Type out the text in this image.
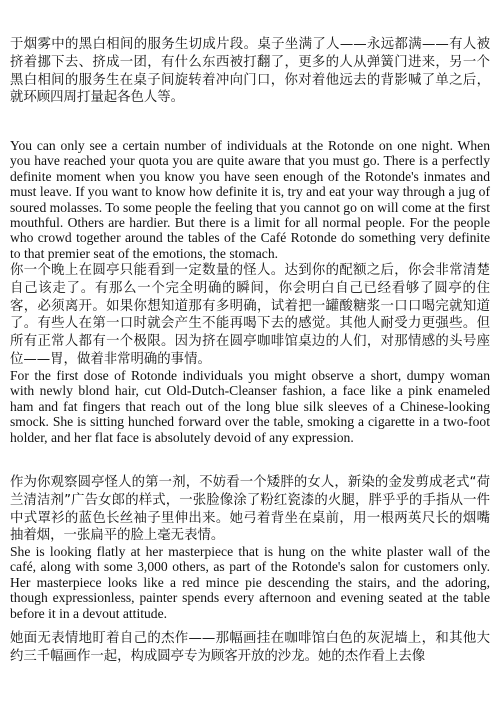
于烟雾中的黑白相间的服务生切成片段。桌子坐满了人——永远都满——有人被挤着挪下去、挤成一团，有什么东西被打翻了，更多的人从弹簧门进来，另一个黑白相间的服务生在桌子间旋转着冲向门口，你对着他远去的背影喊了单之后，就环顾四周打量起各色人等。

You can only see a certain number of individuals at the Rotonde on one night. When you have reached your quota you are quite aware that you must go. There is a perfectly definite moment when you know you have seen enough of the Rotonde's inmates and must leave. If you want to know how definite it is, try and eat your way through a jug of soured molasses. To some people the feeling that you cannot go on will come at the first mouthful. Others are hardier. But there is a limit for all normal people. For the people who crowd together around the tables of the Café Rotonde do something very definite to that premier seat of the emotions, the stomach.

你一个晚上在圆亭只能看到一定数量的怪人。达到你的配额之后，你会非常清楚自己该走了。有那么一个完全明确的瞬间，你会明白自己已经看够了圆亭的住客，必须离开。如果你想知道那有多明确，试着把一罐酸糖浆一口口喝完就知道了。有些人在第一口时就会产生不能再喝下去的感觉。其他人耐受力更强些。但所有正常人都有一个极限。因为挤在圆亭咖啡馆桌边的人们，对那情感的头号座位——胃，做着非常明确的事情。

For the first dose of Rotonde individuals you might observe a short, dumpy woman with newly blond hair, cut Old-Dutch-Cleanser fashion, a face like a pink enameled ham and fat fingers that reach out of the long blue silk sleeves of a Chinese-looking smock. She is sitting hunched forward over the table, smoking a cigarette in a two-foot holder, and her flat face is absolutely devoid of any expression.

作为你观察圆亭怪人的第一剂，不妨看一个矮胖的女人，新染的金发剪成老式“荷兰清洁剂”广告女郎的样式，一张脸像涂了粉红瓷漆的火腿，胖乎乎的手指从一件中式罩衫的蓝色长丝袖子里伸出来。她弓着背坐在桌前，用一根两英尺长的烟嘴抽着烟，一张扁平的脸上毫无表情。

She is looking flatly at her masterpiece that is hung on the white plaster wall of the café, along with some 3,000 others, as part of the Rotonde's salon for customers only. Her masterpiece looks like a red mince pie descending the stairs, and the adoring, though expressionless, painter spends every afternoon and evening seated at the table before it in a devout attitude.

她面无表情地盯着自己的杰作——那幅画挂在咖啡馆白色的灰泥墙上，和其他大约三千幅画作一起，构成圆亭专为顾客开放的沙龙。她的杰作看上去像
